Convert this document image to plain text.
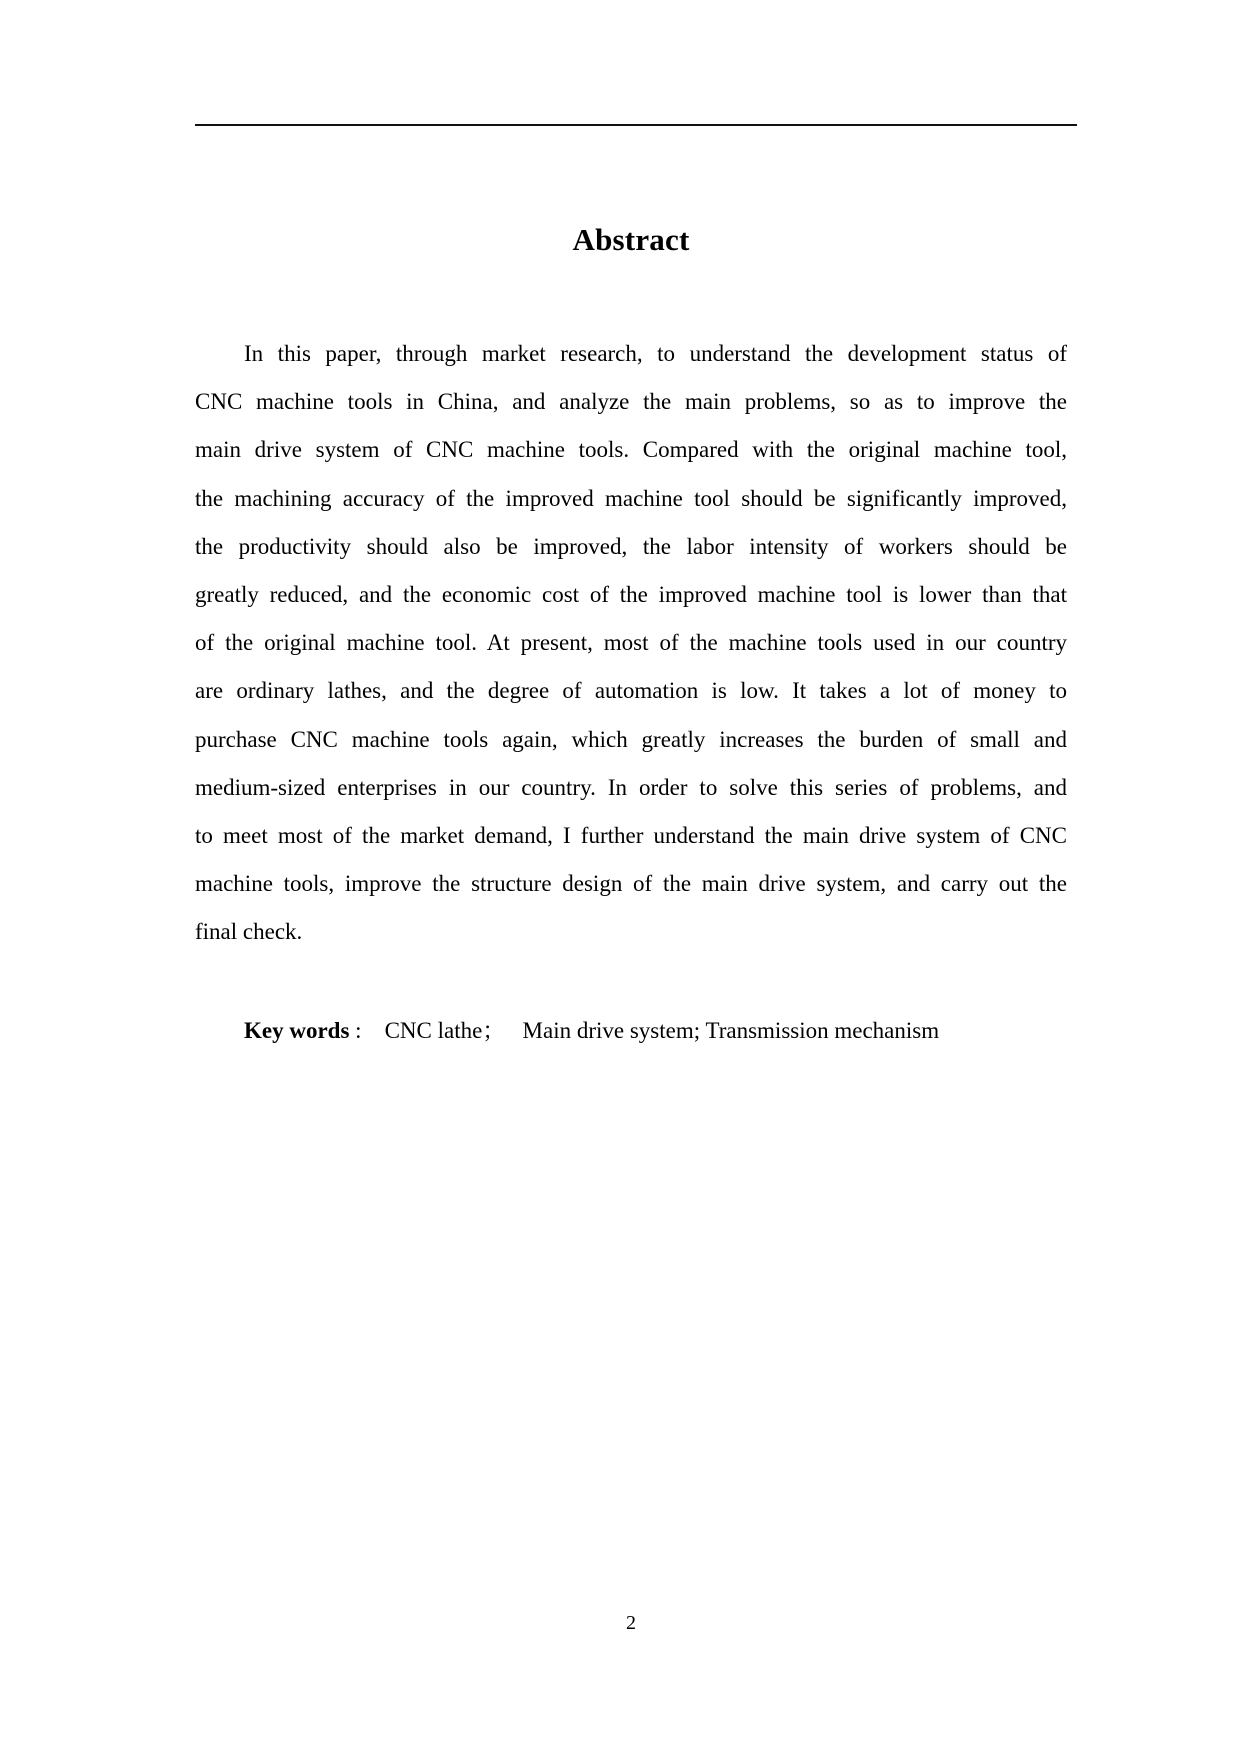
Abstract
In this paper, through market research, to understand the development status of
CNC machine tools in China, and analyze the main problems, so as to improve the
main drive system of CNC machine tools. Compared with the original machine tool,
the machining accuracy of the improved machine tool should be significantly improved,
the productivity should also be improved, the labor intensity of workers should be
greatly reduced, and the economic cost of the improved machine tool is lower than that
of the original machine tool. At present, most of the machine tools used in our country
are ordinary lathes, and the degree of automation is low. It takes a lot of money to
purchase CNC machine tools again, which greatly increases the burden of small and
medium-sized enterprises in our country. In order to solve this series of problems, and
to meet most of the market demand, I further understand the main drive system of CNC
machine tools, improve the structure design of the main drive system, and carry out the
final check.

Key words :    CNC lathe；   Main drive system; Transmission mechanism

2
